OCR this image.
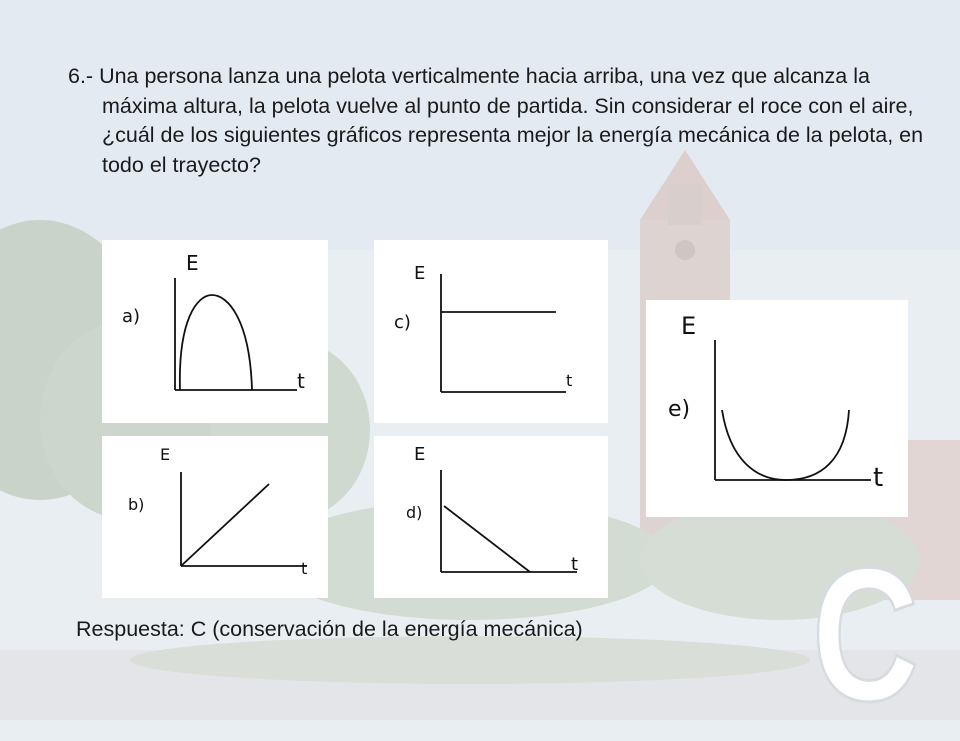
6.- Una persona lanza una pelota verticalmente hacia arriba, una vez que alcanza la máxima altura, la pelota vuelve al punto de partida. Sin considerar el roce con el aire, ¿cuál de los siguientes gráficos representa mejor la energía mecánica de la pelota, en todo el trayecto?
E
t
a)
E
t
b)
E
t
c)
E
t
d)
E
t
e)
Respuesta: C (conservación de la energía mecánica) C
